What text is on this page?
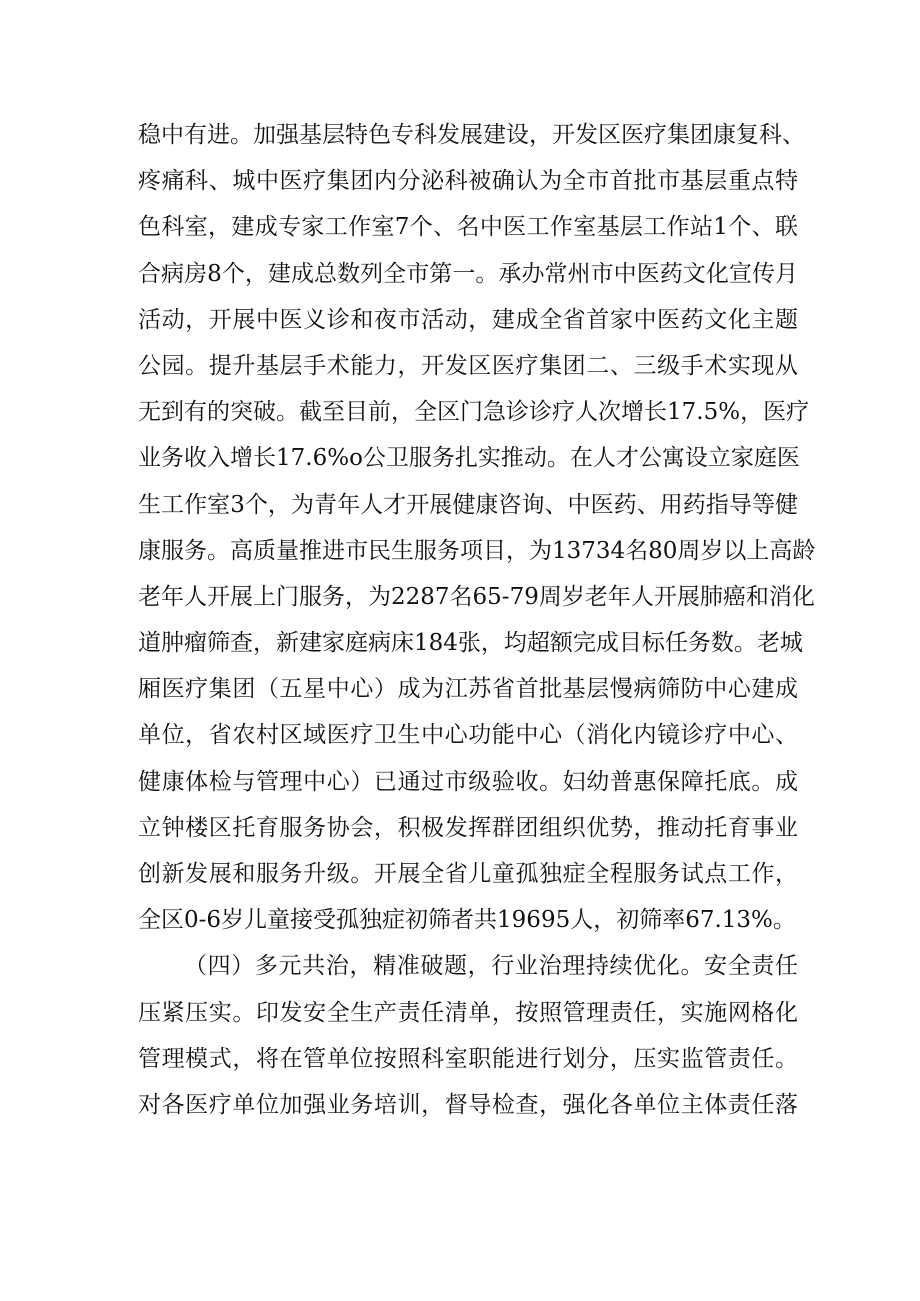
稳中有进。加强基层特色专科发展建设，开发区医疗集团康复科、
疼痛科、城中医疗集团内分泌科被确认为全市首批市基层重点特
色科室，建成专家工作室7个、名中医工作室基层工作站1个、联
合病房8个，建成总数列全市第一。承办常州市中医药文化宣传月
活动，开展中医义诊和夜市活动，建成全省首家中医药文化主题
公园。提升基层手术能力，开发区医疗集团二、三级手术实现从
无到有的突破。截至目前，全区门急诊诊疗人次增长17.5%，医疗
业务收入增长17.6%o公卫服务扎实推动。在人才公寓设立家庭医
生工作室3个，为青年人才开展健康咨询、中医药、用药指导等健
康服务。高质量推进市民生服务项目，为13734名80周岁以上高龄
老年人开展上门服务，为2287名65-79周岁老年人开展肺癌和消化
道肿瘤筛查，新建家庭病床184张，均超额完成目标任务数。老城
厢医疗集团（五星中心）成为江苏省首批基层慢病筛防中心建成
单位，省农村区域医疗卫生中心功能中心（消化内镜诊疗中心、
健康体检与管理中心）已通过市级验收。妇幼普惠保障托底。成
立钟楼区托育服务协会，积极发挥群团组织优势，推动托育事业
创新发展和服务升级。开展全省儿童孤独症全程服务试点工作，
全区0-6岁儿童接受孤独症初筛者共19695人，初筛率67.13%。
（四）多元共治，精准破题，行业治理持续优化。安全责任
压紧压实。印发安全生产责任清单，按照管理责任，实施网格化
管理模式，将在管单位按照科室职能进行划分，压实监管责任。
对各医疗单位加强业务培训，督导检查，强化各单位主体责任落
